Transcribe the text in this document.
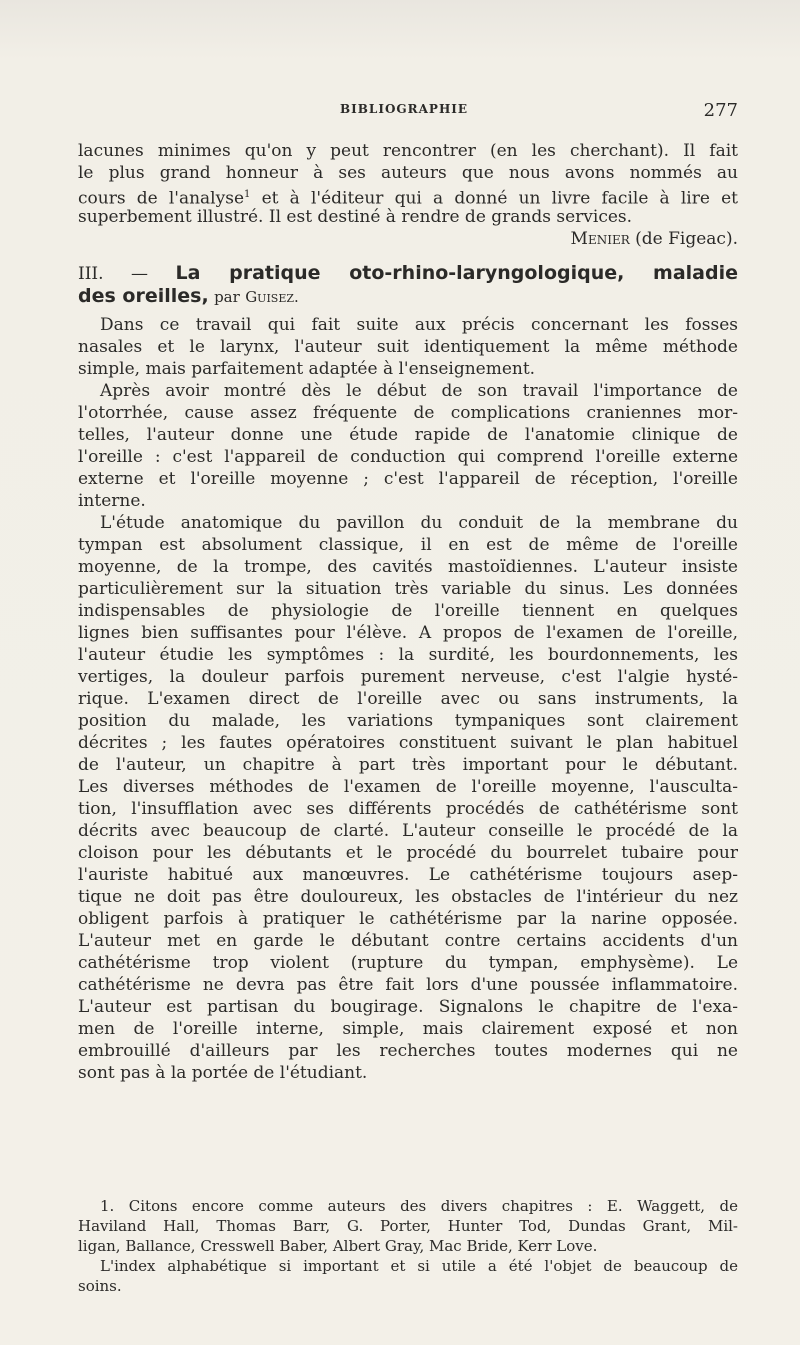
BIBLIOGRAPHIE	277
lacunes minimes qu'on y peut rencontrer (en les cherchant). Il fait
le plus grand honneur à ses auteurs que nous avons nommés au
cours de l'analyse$^1$ et à l'éditeur qui a donné un livre facile à lire et
superbement illustré. Il est destiné à rendre de grands services.
Menier (de Figeac).
III. — La pratique oto-rhino-laryngologique, maladie
des oreilles, par Guisez.
Dans ce travail qui fait suite aux précis concernant les fosses
nasales et le larynx, l'auteur suit identiquement la même méthode
simple, mais parfaitement adaptée à l'enseignement.
Après avoir montré dès le début de son travail l'importance de
l'otorrhée, cause assez fréquente de complications craniennes mor-
telles, l'auteur donne une étude rapide de l'anatomie clinique de
l'oreille : c'est l'appareil de conduction qui comprend l'oreille externe
externe et l'oreille moyenne ; c'est l'appareil de réception, l'oreille
interne.
L'étude anatomique du pavillon du conduit de la membrane du
tympan est absolument classique, il en est de même de l'oreille
moyenne, de la trompe, des cavités mastoïdiennes. L'auteur insiste
particulièrement sur la situation très variable du sinus. Les données
indispensables de physiologie de l'oreille tiennent en quelques
lignes bien suffisantes pour l'élève. A propos de l'examen de l'oreille,
l'auteur étudie les symptômes : la surdité, les bourdonnements, les
vertiges, la douleur parfois purement nerveuse, c'est l'algie hysté-
rique. L'examen direct de l'oreille avec ou sans instruments, la
position du malade, les variations tympaniques sont clairement
décrites ; les fautes opératoires constituent suivant le plan habituel
de l'auteur, un chapitre à part très important pour le débutant.
Les diverses méthodes de l'examen de l'oreille moyenne, l'ausculta-
tion, l'insufflation avec ses différents procédés de cathétérisme sont
décrits avec beaucoup de clarté. L'auteur conseille le procédé de la
cloison pour les débutants et le procédé du bourrelet tubaire pour
l'auriste habitué aux manœuvres. Le cathétérisme toujours asep-
tique ne doit pas être douloureux, les obstacles de l'intérieur du nez
obligent parfois à pratiquer le cathétérisme par la narine opposée.
L'auteur met en garde le débutant contre certains accidents d'un
cathétérisme trop violent (rupture du tympan, emphysème). Le
cathétérisme ne devra pas être fait lors d'une poussée inflammatoire.
L'auteur est partisan du bougirage. Signalons le chapitre de l'exa-
men de l'oreille interne, simple, mais clairement exposé et non
embrouillé d'ailleurs par les recherches toutes modernes qui ne
sont pas à la portée de l'étudiant.
1. Citons encore comme auteurs des divers chapitres : E. Waggett, de
Haviland Hall, Thomas Barr, G. Porter, Hunter Tod, Dundas Grant, Mil-
ligan, Ballance, Cresswell Baber, Albert Gray, Mac Bride, Kerr Love.
L'index alphabétique si important et si utile a été l'objet de beaucoup de
soins.
